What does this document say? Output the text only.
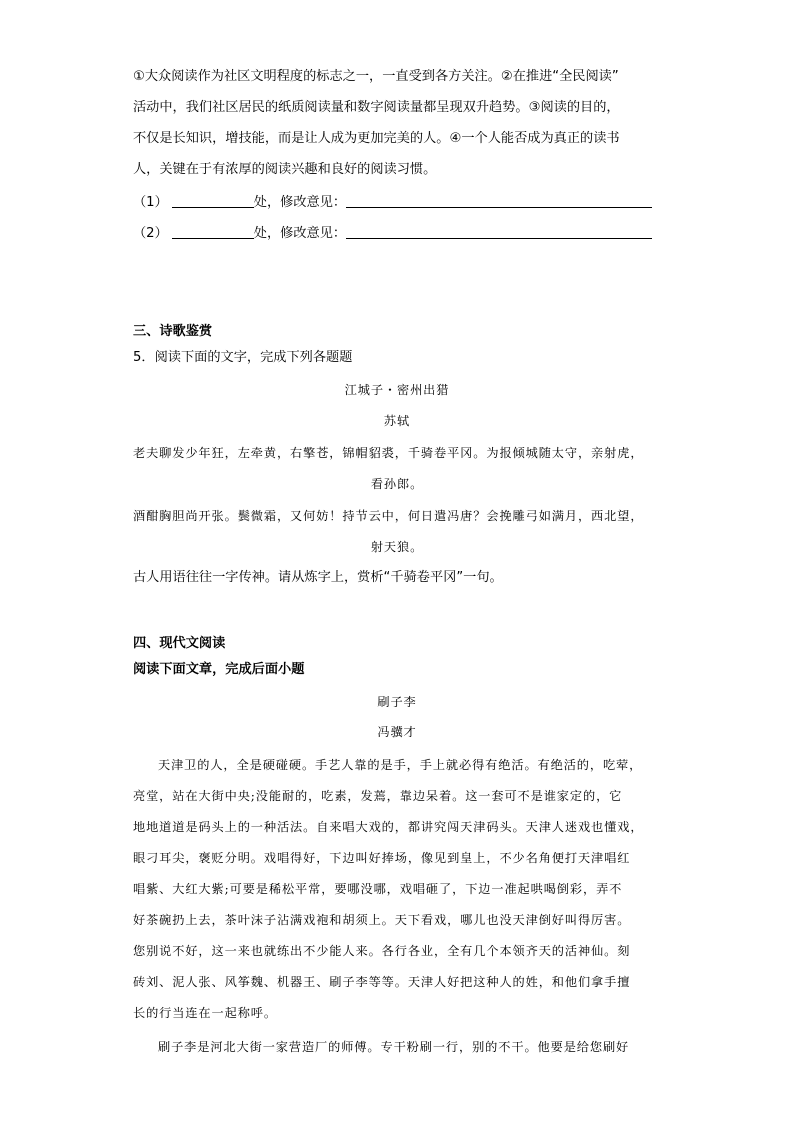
①大众阅读作为社区文明程度的标志之一，一直受到各方关注。②在推进“全民阅读”
活动中，我们社区居民的纸质阅读量和数字阅读量都呈现双升趋势。③阅读的目的，
不仅是长知识，增技能，而是让人成为更加完美的人。④一个人能否成为真正的读书
人，关键在于有浓厚的阅读兴趣和良好的阅读习惯。
（1）	处，修改意见：
（2）	处，修改意见：
三、诗歌鉴赏
5．阅读下面的文字，完成下列各题题
江城子・密州出猎
苏轼
老夫聊发少年狂，左牵黄，右擎苍，锦帽貂裘，千骑卷平冈。为报倾城随太守，亲射虎，
看孙郎。
酒酣胸胆尚开张。鬓微霜，又何妨！持节云中，何日遣冯唐？会挽雕弓如满月，西北望，
射天狼。
古人用语往往一字传神。请从炼字上，赏析“千骑卷平冈”一句。
四、现代文阅读
阅读下面文章，完成后面小题
刷子李
冯骥才
天津卫的人，全是硬碰硬。手艺人靠的是手，手上就必得有绝活。有绝活的，吃荤，
亮堂，站在大街中央;没能耐的，吃素，发蔫，靠边呆着。这一套可不是谁家定的，它
地地道道是码头上的一种活法。自来唱大戏的，都讲究闯天津码头。天津人迷戏也懂戏，
眼刁耳尖，褒贬分明。戏唱得好，下边叫好捧场，像见到皇上，不少名角便打天津唱红
唱紫、大红大紫;可要是稀松平常，要哪没哪，戏唱砸了，下边一准起哄喝倒彩，弄不
好茶碗扔上去，茶叶沫子沾满戏袍和胡须上。天下看戏，哪儿也没天津倒好叫得厉害。
您别说不好，这一来也就练出不少能人来。各行各业，全有几个本领齐天的活神仙。刻
砖刘、泥人张、风筝魏、机器王、刷子李等等。天津人好把这种人的姓，和他们拿手擅
长的行当连在一起称呼。
刷子李是河北大街一家营造厂的师傅。专干粉刷一行，别的不干。他要是给您刷好
